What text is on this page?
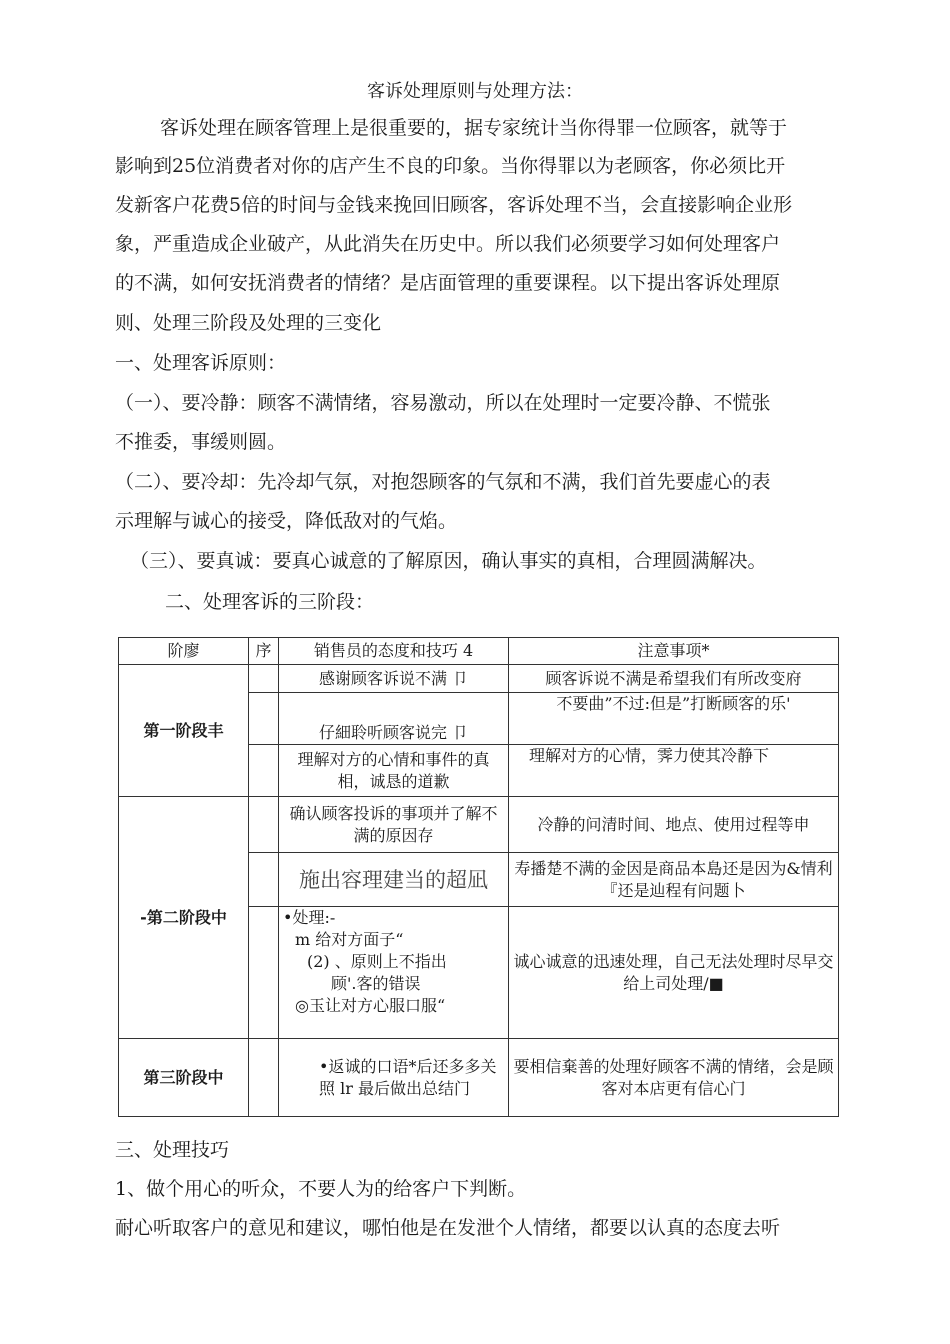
客诉处理原则与处理方法：
客诉处理在顾客管理上是很重要的，据专家统计当你得罪一位顾客，就等于
影响到25位消费者对你的店产生不良的印象。当你得罪以为老顾客，你必须比开
发新客户花费5倍的时间与金钱来挽回旧顾客，客诉处理不当，会直接影响企业形
象，严重造成企业破产，从此消失在历史中。所以我们必须要学习如何处理客户
的不满，如何安抚消费者的情绪？是店面管理的重要课程。以下提出客诉处理原
则、处理三阶段及处理的三变化
一、处理客诉原则：
（一）、要冷静：顾客不满情绪，容易激动，所以在处理时一定要冷静、不慌张
不推委，事缓则圆。
（二）、要冷却：先冷却气氛，对抱怨顾客的气氛和不满，我们首先要虚心的表
示理解与诚心的接受，降低敌对的气焰。
（三）、要真诚：要真心诚意的了解原因，确认事实的真相，合理圆满解决。
二、处理客诉的三阶段：
阶廖	序	销售员的态度和技巧 4	注意事项*
第一阶段丰		感谢顾客诉说不满 卩	顾客诉说不满是希望我们有所改变府
		仔細聆听顾客说完 卩	不要曲”不过:但是”打断顾客的乐'
		理解对方的心情和事件的真相，诚恳的道歉	理解对方的心情，霁力使其冷静下
-第二阶段中		确认顾客投诉的事项并了解不满的原因存	冷静的问清时间、地点、使用过程等申
		施出容理建当的超凪	寿播楚不满的金因是商品本島还是因为&情利『还是辿程有问题卜

		•处理:-
m 给对方面子“
(2) 、原则上不指出
顾'.客的错误
◎玉让对方心服口服“	诚心诚意的迅速处理，自己无法处理时尽早交给上司处理/■
第三阶段中		•返诚的口语*后还多多关照 lr 最后做出总结门	要相信棄善的处理好顾客不满的情绪，会是顾客对本店更有信心门
三、处理技巧
1、做个用心的听众，不要人为的给客户下判断。
耐心听取客户的意见和建议，哪怕他是在发泄个人情绪，都要以认真的态度去听
